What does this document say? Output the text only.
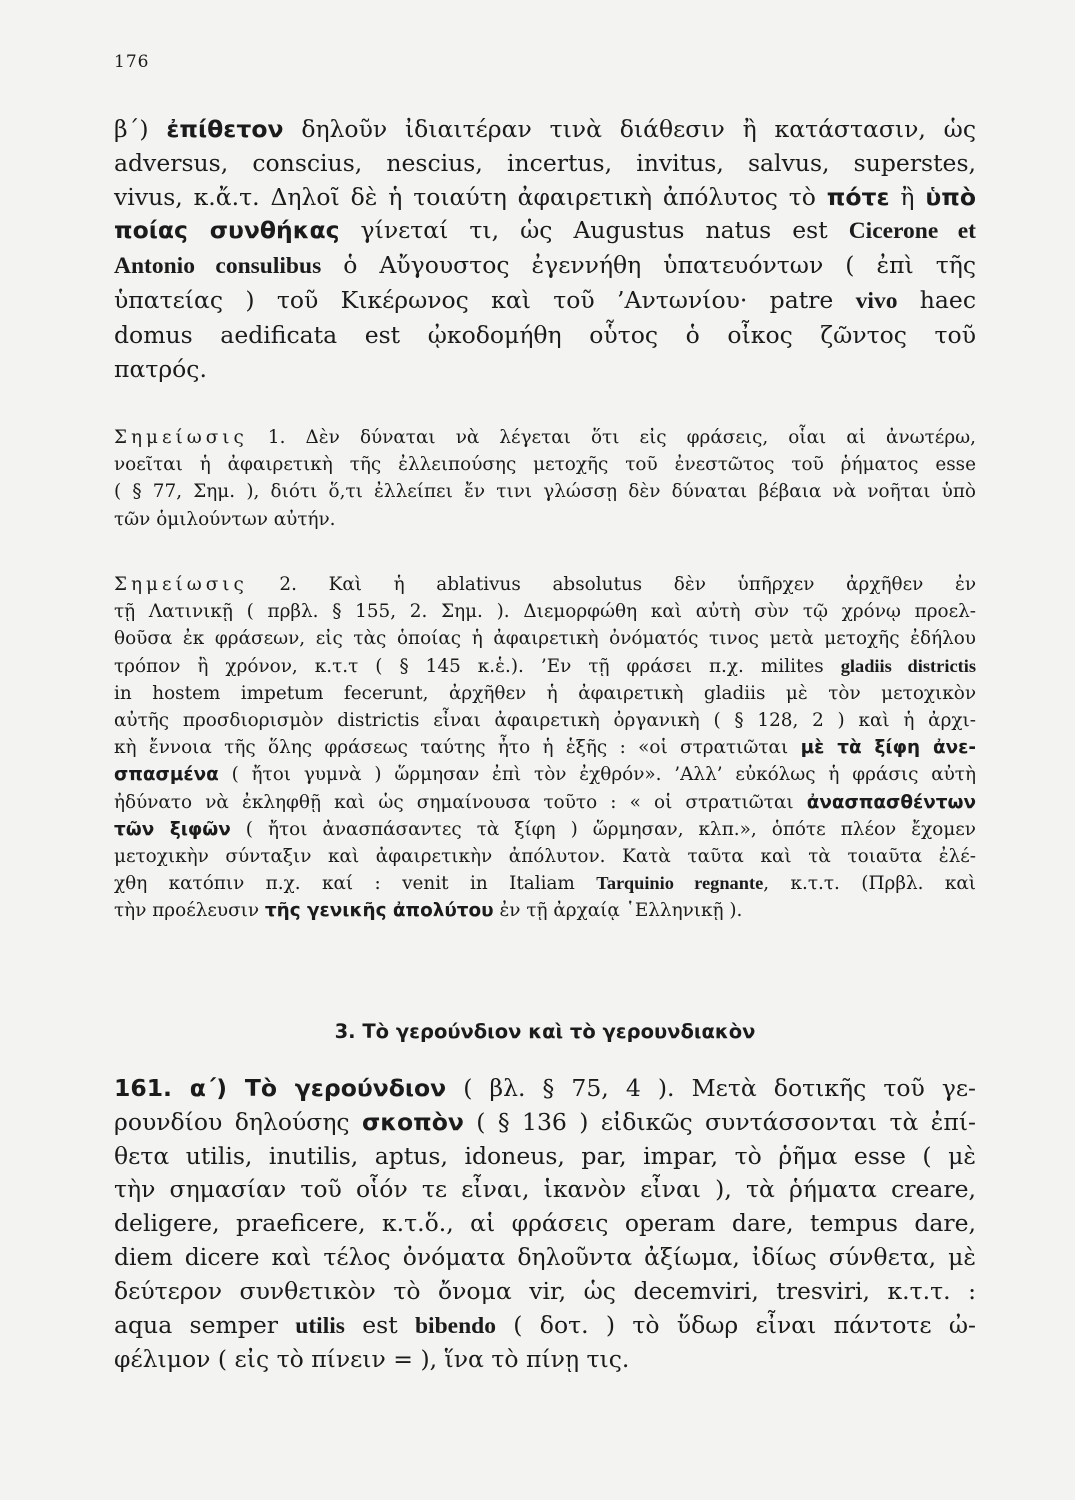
176

β΄) ἐπίθετον δηλοῦν ἰδιαιτέραν τινὰ διάθεσιν ἢ κατάστασιν, ὡς

adversus, conscius, nescius, incertus, invitus, salvus, superstes,

vivus, κ.ἄ.τ. Δηλοῖ δὲ ἡ τοιαύτη ἀφαιρετικὴ ἀπόλυτος τὸ πότε ἢ ὑπὸ

ποίας συνθήκας γίνεταί τι, ὡς Augustus natus est Cicerone et

Antonio consulibus ὁ Αὔγουστος ἐγεννήθη ὑπατευόντων ( ἐπὶ τῆς

ὑπατείας ) τοῦ Κικέρωνος καὶ τοῦ ’Αντωνίου· patre vivo haec

domus aedificata est ᾠκοδομήθη οὗτος ὁ οἶκος ζῶντος τοῦ

πατρός.

Σημείωσις 1. Δὲν δύναται νὰ λέγεται ὅτι εἰς φράσεις, οἷαι αἱ ἀνωτέρω,

νοεῖται ἡ ἀφαιρετικὴ τῆς ἐλλειπούσης μετοχῆς τοῦ ἐνεστῶτος τοῦ ῥήματος esse

( § 77, Σημ. ), διότι ὅ,τι ἐλλείπει ἔν τινι γλώσσῃ δὲν δύναται βέβαια νὰ νοῆται ὑπὸ

τῶν ὁμιλούντων αὐτήν.

Σημείωσις 2. Καὶ ἡ ablativus absolutus δὲν ὑπῆρχεν ἀρχῆθεν ἐν

τῇ Λατινικῇ ( πρβλ. § 155, 2. Σημ. ). Διεμορφώθη καὶ αὐτὴ σὺν τῷ χρόνῳ προελ-

θοῦσα ἐκ φράσεων, εἰς τὰς ὁποίας ἡ ἀφαιρετικὴ ὀνόματός τινος μετὰ μετοχῆς ἐδήλου

τρόπον ἢ χρόνον, κ.τ.τ ( § 145 κ.ἑ.). ’Εν τῇ φράσει π.χ. milites gladiis districtis

in hostem impetum fecerunt, ἀρχῆθεν ἡ ἀφαιρετικὴ gladiis μὲ τὸν μετοχικὸν

αὐτῆς προσδιορισμὸν districtis εἶναι ἀφαιρετικὴ ὀργανικὴ ( § 128, 2 ) καὶ ἡ ἀρχι-

κὴ ἔννοια τῆς ὅλης φράσεως ταύτης ἦτο ἡ ἑξῆς : «οἱ στρατιῶται μὲ τὰ ξίφη ἀνε-

σπασμένα ( ἤτοι γυμνὰ ) ὥρμησαν ἐπὶ τὸν ἐχθρόν». ’Αλλ’ εὐκόλως ἡ φράσις αὐτὴ

ἠδύνατο νὰ ἐκληφθῇ καὶ ὡς σημαίνουσα τοῦτο : « οἱ στρατιῶται ἀνασπασθέντων

τῶν ξιφῶν ( ἤτοι ἀνασπάσαντες τὰ ξίφη ) ὥρμησαν, κλπ.», ὁπότε πλέον ἔχομεν

μετοχικὴν σύνταξιν καὶ ἀφαιρετικὴν ἀπόλυτον. Κατὰ ταῦτα καὶ τὰ τοιαῦτα ἐλέ-

χθη κατόπιν π.χ. καί : venit in Italiam Tarquinio regnante, κ.τ.τ. (Πρβλ. καὶ

τὴν προέλευσιν τῆς γενικῆς ἀπολύτου ἐν τῇ ἀρχαίᾳ ῾Ελληνικῇ ).

3. Τὸ γερούνδιον καὶ τὸ γερουνδιακὸν

161. α΄) Τὸ γερούνδιον ( βλ. § 75, 4 ). Μετὰ δοτικῆς τοῦ γε-

ρουνδίου δηλούσης σκοπὸν ( § 136 ) εἰδικῶς συντάσσονται τὰ ἐπί-

θετα utilis, inutilis, aptus, idoneus, par, impar, τὸ ῥῆμα esse ( μὲ

τὴν σημασίαν τοῦ οἷόν τε εἶναι, ἱκανὸν εἶναι ), τὰ ῥήματα creare,

deligere, praeficere, κ.τ.ὅ., αἱ φράσεις operam dare, tempus dare,

diem dicere καὶ τέλος ὀνόματα δηλοῦντα ἀξίωμα, ἰδίως σύνθετα, μὲ

δεύτερον συνθετικὸν τὸ ὄνομα vir, ὡς decemviri, tresviri, κ.τ.τ. :

aqua semper utilis est bibendo ( δοτ. ) τὸ ὕδωρ εἶναι πάντοτε ὠ-

φέλιμον ( εἰς τὸ πίνειν = ), ἵνα τὸ πίνῃ τις.
